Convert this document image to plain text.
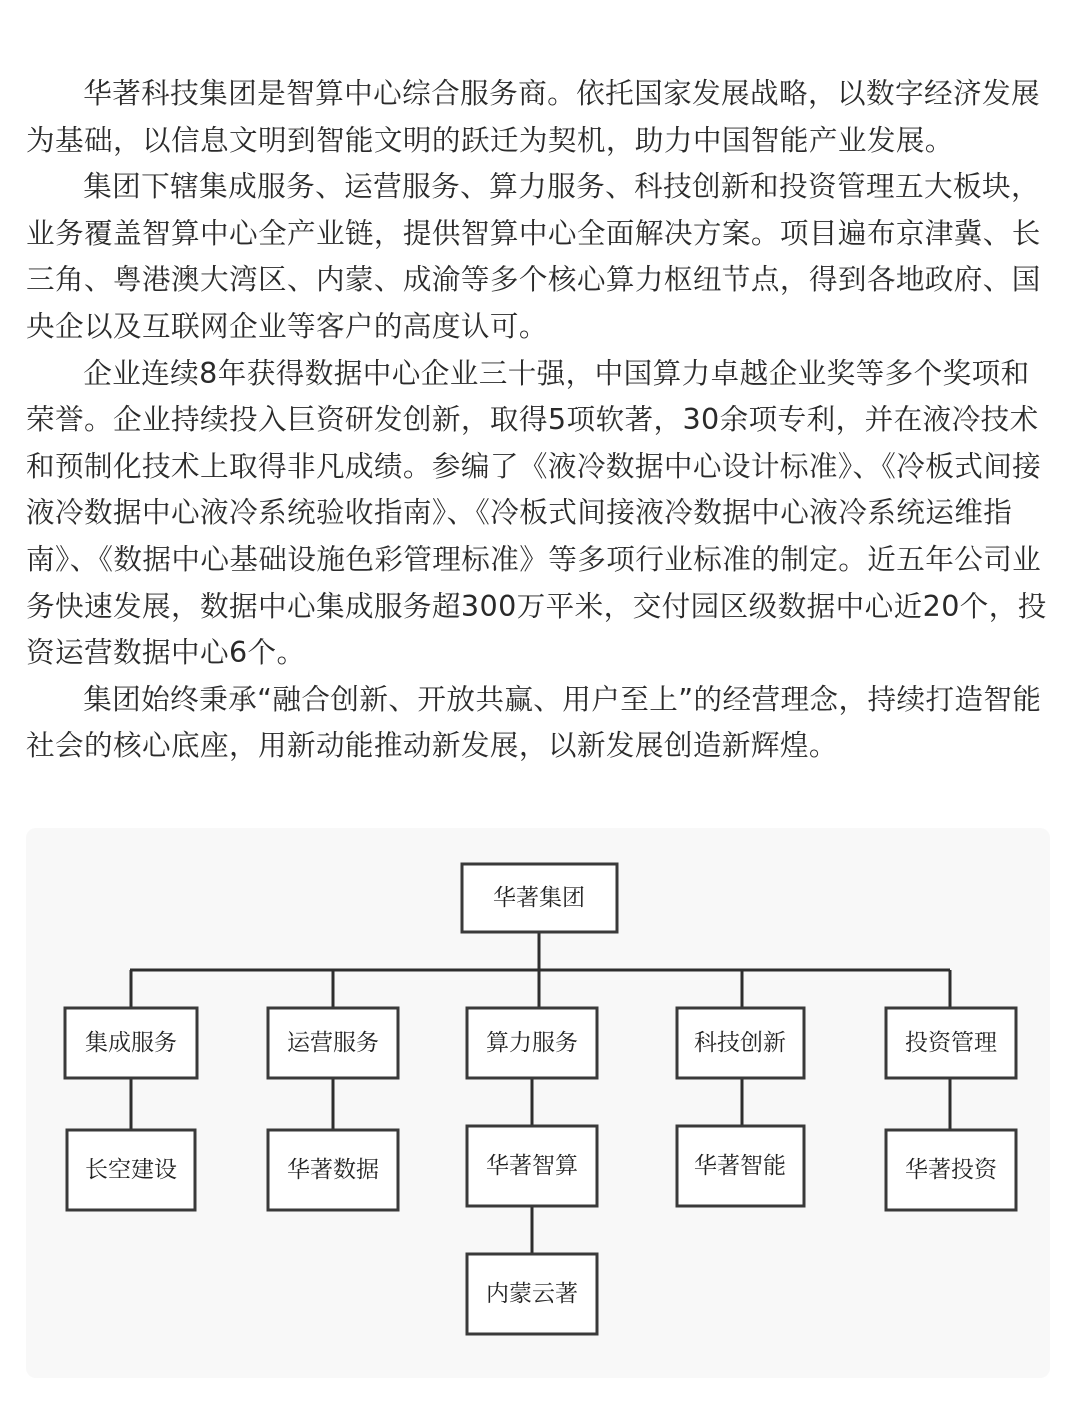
华著科技集团是智算中心综合服务商。依托国家发展战略，以数字经济发展为基础，以信息文明到智能文明的跃迁为契机，助力中国智能产业发展。

集团下辖集成服务、运营服务、算力服务、科技创新和投资管理五大板块，业务覆盖智算中心全产业链，提供智算中心全面解决方案。项目遍布京津冀、长三角、粤港澳大湾区、内蒙、成渝等多个核心算力枢纽节点，得到各地政府、国央企以及互联网企业等客户的高度认可。

企业连续8年获得数据中心企业三十强，中国算力卓越企业奖等多个奖项和荣誉。企业持续投入巨资研发创新，取得5项软著，30余项专利，并在液冷技术和预制化技术上取得非凡成绩。参编了《液冷数据中心设计标准》、《冷板式间接液冷数据中心液冷系统验收指南》、《冷板式间接液冷数据中心液冷系统运维指南》、《数据中心基础设施色彩管理标准》等多项行业标准的制定。近五年公司业务快速发展，数据中心集成服务超300万平米，交付园区级数据中心近20个，投资运营数据中心6个。

集团始终秉承“融合创新、开放共赢、用户至上”的经营理念，持续打造智能社会的核心底座，用新动能推动新发展，以新发展创造新辉煌。

华著集团
集成服务	运营服务	算力服务	科技创新	投资管理
长空建设	华著数据	华著智算	华著智能	华著投资
内蒙云著
